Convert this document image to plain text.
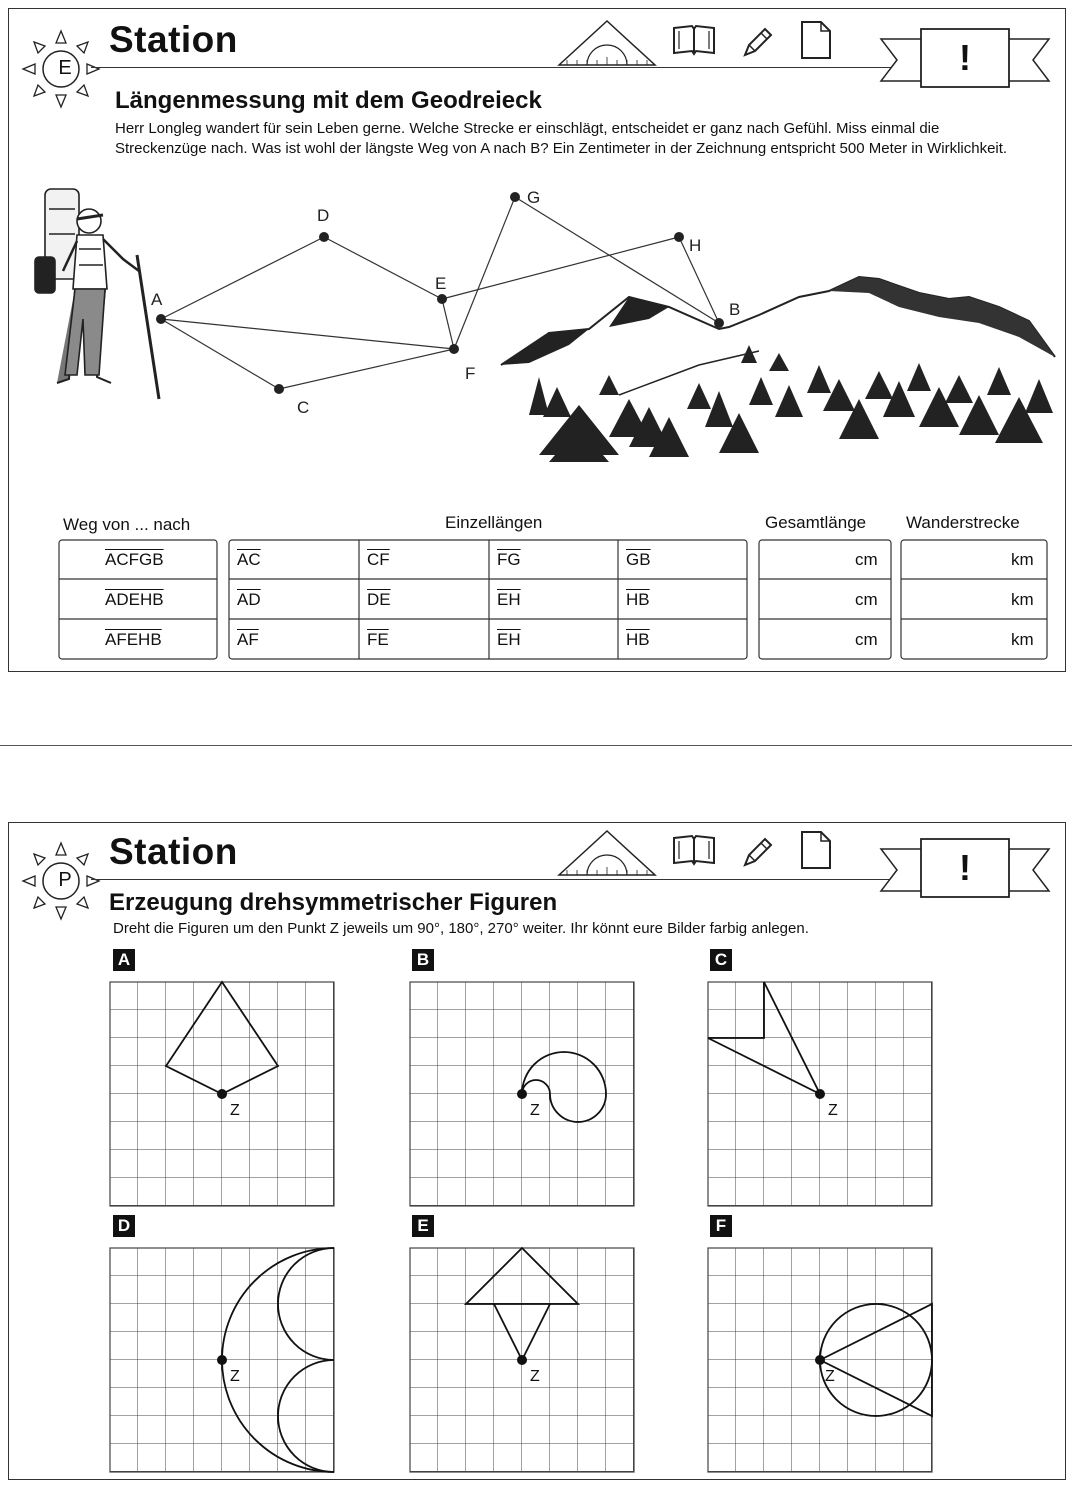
E
Station	!
Längenmessung mit dem Geodreieck
Herr Longleg wandert für sein Leben gerne. Welche Strecke er einschlägt, entscheidet er ganz nach Gefühl. Miss einmal die Streckenzüge nach. Was ist wohl der längste Weg von A nach B? Ein Zentimeter in der Zeichnung entspricht 500 Meter in Wirklichkeit.
A
B
C
D
E
F
G
H
Weg von ... nach	Einzellängen	Gesamtlänge Wanderstrecke
ACFGB	$\overline{AC}$	$\overline{CF}$	$\overline{FG}$	$\overline{GB}$	cm	km
ADEHB	$\overline{AD}$	$\overline{DE}$	$\overline{EH}$	$\overline{HB}$	cm	km
AFEHB	$\overline{AF}$	$\overline{FE}$	$\overline{EH}$	$\overline{HB}$	cm	km
P
Station	!
Erzeugung drehsymmetrischer Figuren
Dreht die Figuren um den Punkt Z jeweils um 90°, 180°, 270° weiter. Ihr könnt eure Bilder farbig anlegen.
A	B	C
D	E	F
Z	Z	Z
Z	Z	Z
